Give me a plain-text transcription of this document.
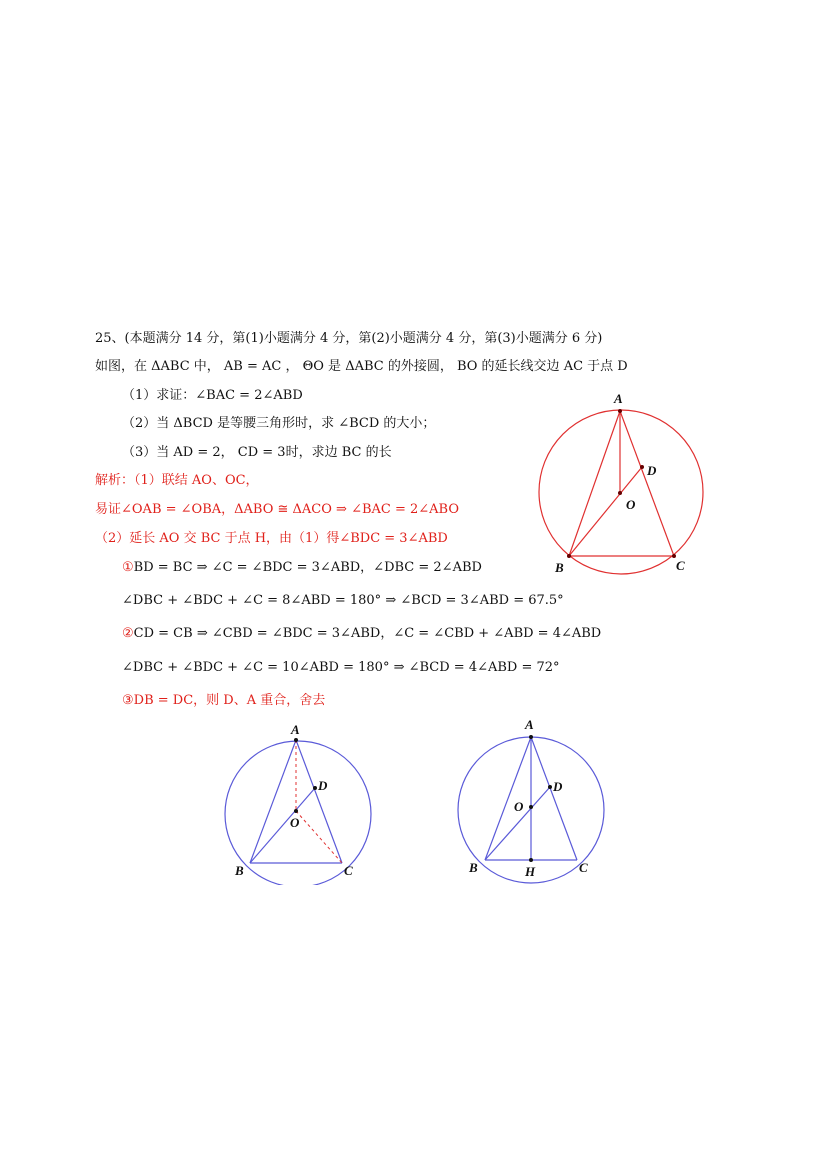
25、(本题满分 14 分，第(1)小题满分 4 分，第(2)小题满分 4 分，第(3)小题满分 6 分)
如图，在 ΔABC 中， AB = AC ， ΘO 是 ΔABC 的外接圆， BO 的延长线交边 AC 于点 D
（1）求证：∠BAC = 2∠ABD
（2）当 ΔBCD 是等腰三角形时，求 ∠BCD 的大小；
（3）当 AD = 2， CD = 3时，求边 BC 的长
解析：（1）联结 AO、OC，
易证∠OAB = ∠OBA，ΔABO ≅ ΔACO ⇒ ∠BAC = 2∠ABO
（2）延长 AO 交 BC 于点 H，由（1）得∠BDC = 3∠ABD
①BD = BC ⇒ ∠C = ∠BDC = 3∠ABD，∠DBC = 2∠ABD
∠DBC + ∠BDC + ∠C = 8∠ABD = 180° ⇒ ∠BCD = 3∠ABD = 67.5°
②CD = CB ⇒ ∠CBD = ∠BDC = 3∠ABD，∠C = ∠CBD + ∠ABD = 4∠ABD
∠DBC + ∠BDC + ∠C = 10∠ABD = 180° ⇒ ∠BCD = 4∠ABD = 72°
③DB = DC，则 D、A 重合，舍去
A
B	C
D
O
A
B	C
D
O
A
B	C
D
O
H
